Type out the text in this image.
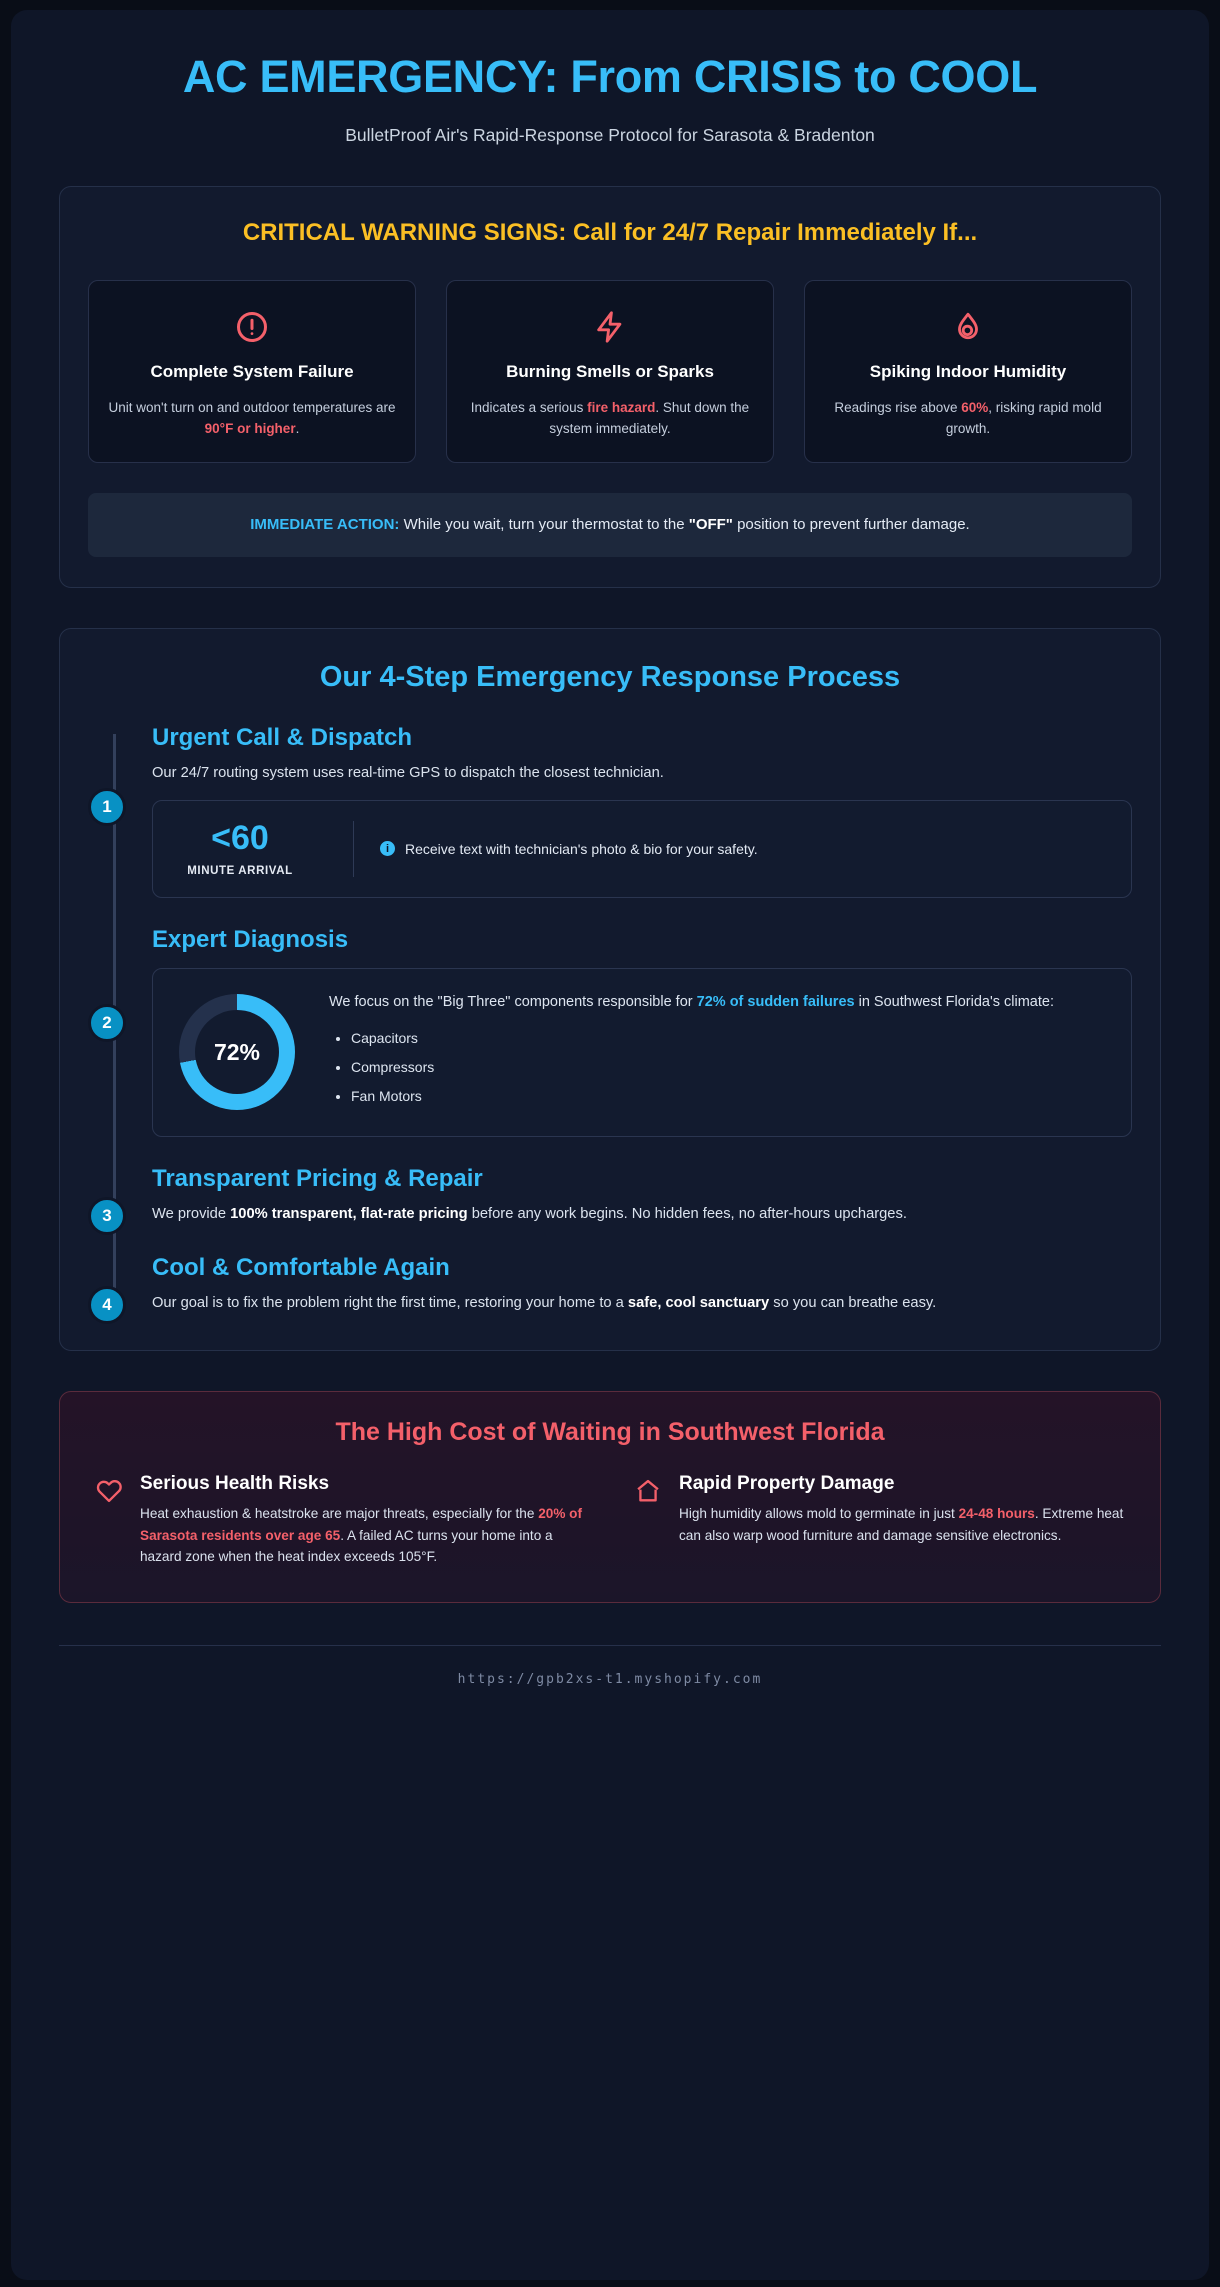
AC EMERGENCY: From CRISIS to COOL
BulletProof Air's Rapid-Response Protocol for Sarasota & Bradenton
CRITICAL WARNING SIGNS: Call for 24/7 Repair Immediately If...
Complete System Failure
Unit won't turn on and outdoor temperatures are 90°F or higher.
Burning Smells or Sparks
Indicates a serious fire hazard. Shut down the system immediately.
Spiking Indoor Humidity
Readings rise above 60%, risking rapid mold growth.
IMMEDIATE ACTION: While you wait, turn your thermostat to the "OFF" position to prevent further damage.
Our 4-Step Emergency Response Process
1
Urgent Call & Dispatch
Our 24/7 routing system uses real-time GPS to dispatch the closest technician.
<60
MINUTE ARRIVAL
i	Receive text with technician's photo & bio for your safety.
2
Expert Diagnosis
72%
We focus on the "Big Three" components responsible for 72% of sudden failures in Southwest Florida's climate:
• Capacitors
• Compressors
• Fan Motors
3
Transparent Pricing & Repair
We provide 100% transparent, flat-rate pricing before any work begins. No hidden fees, no after-hours upcharges.
4
Cool & Comfortable Again
Our goal is to fix the problem right the first time, restoring your home to a safe, cool sanctuary so you can breathe easy.
The High Cost of Waiting in Southwest Florida
Serious Health Risks
Heat exhaustion & heatstroke are major threats, especially for the 20% of Sarasota residents over age 65. A failed AC turns your home into a hazard zone when the heat index exceeds 105°F.
Rapid Property Damage
High humidity allows mold to germinate in just 24-48 hours. Extreme heat can also warp wood furniture and damage sensitive electronics.
https://gpb2xs-t1.myshopify.com
